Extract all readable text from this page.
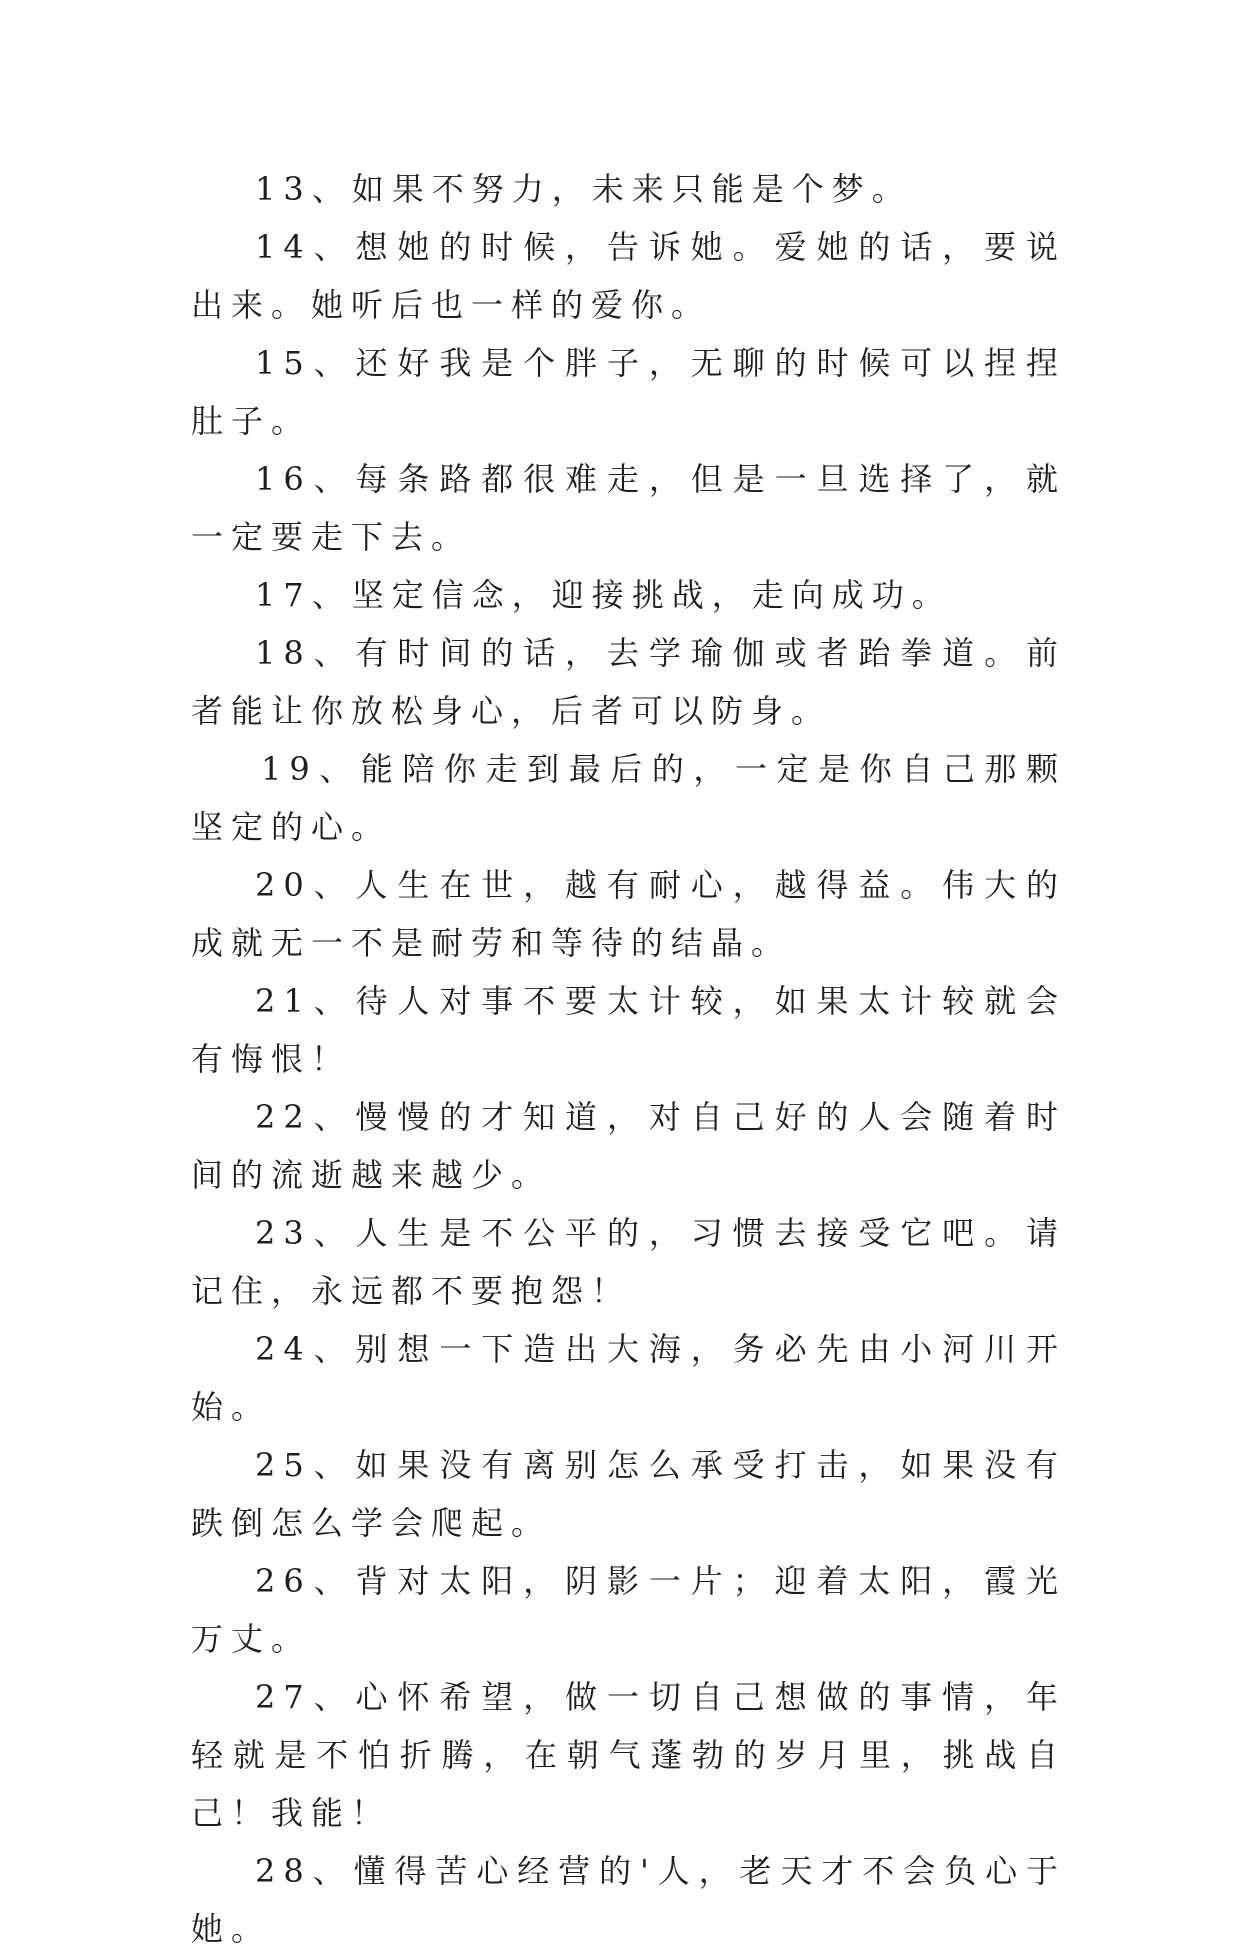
13、如果不努力，未来只能是个梦。

14、想她的时候，告诉她。爱她的话，要说出来。她听后也一样的爱你。

15、还好我是个胖子，无聊的时候可以捏捏肚子。

16、每条路都很难走，但是一旦选择了，就一定要走下去。

17、坚定信念，迎接挑战，走向成功。

18、有时间的话，去学瑜伽或者跆拳道。前者能让你放松身心，后者可以防身。

19、能陪你走到最后的，一定是你自己那颗坚定的心。

20、人生在世，越有耐心，越得益。伟大的成就无一不是耐劳和等待的结晶。

21、待人对事不要太计较，如果太计较就会有悔恨！

22、慢慢的才知道，对自己好的人会随着时间的流逝越来越少。

23、人生是不公平的，习惯去接受它吧。请记住，永远都不要抱怨！

24、别想一下造出大海，务必先由小河川开始。

25、如果没有离别怎么承受打击，如果没有跌倒怎么学会爬起。

26、背对太阳，阴影一片；迎着太阳，霞光万丈。

27、心怀希望，做一切自己想做的事情，年轻就是不怕折腾，在朝气蓬勃的岁月里，挑战自己！我能！

28、懂得苦心经营的'人，老天才不会负心于她。
